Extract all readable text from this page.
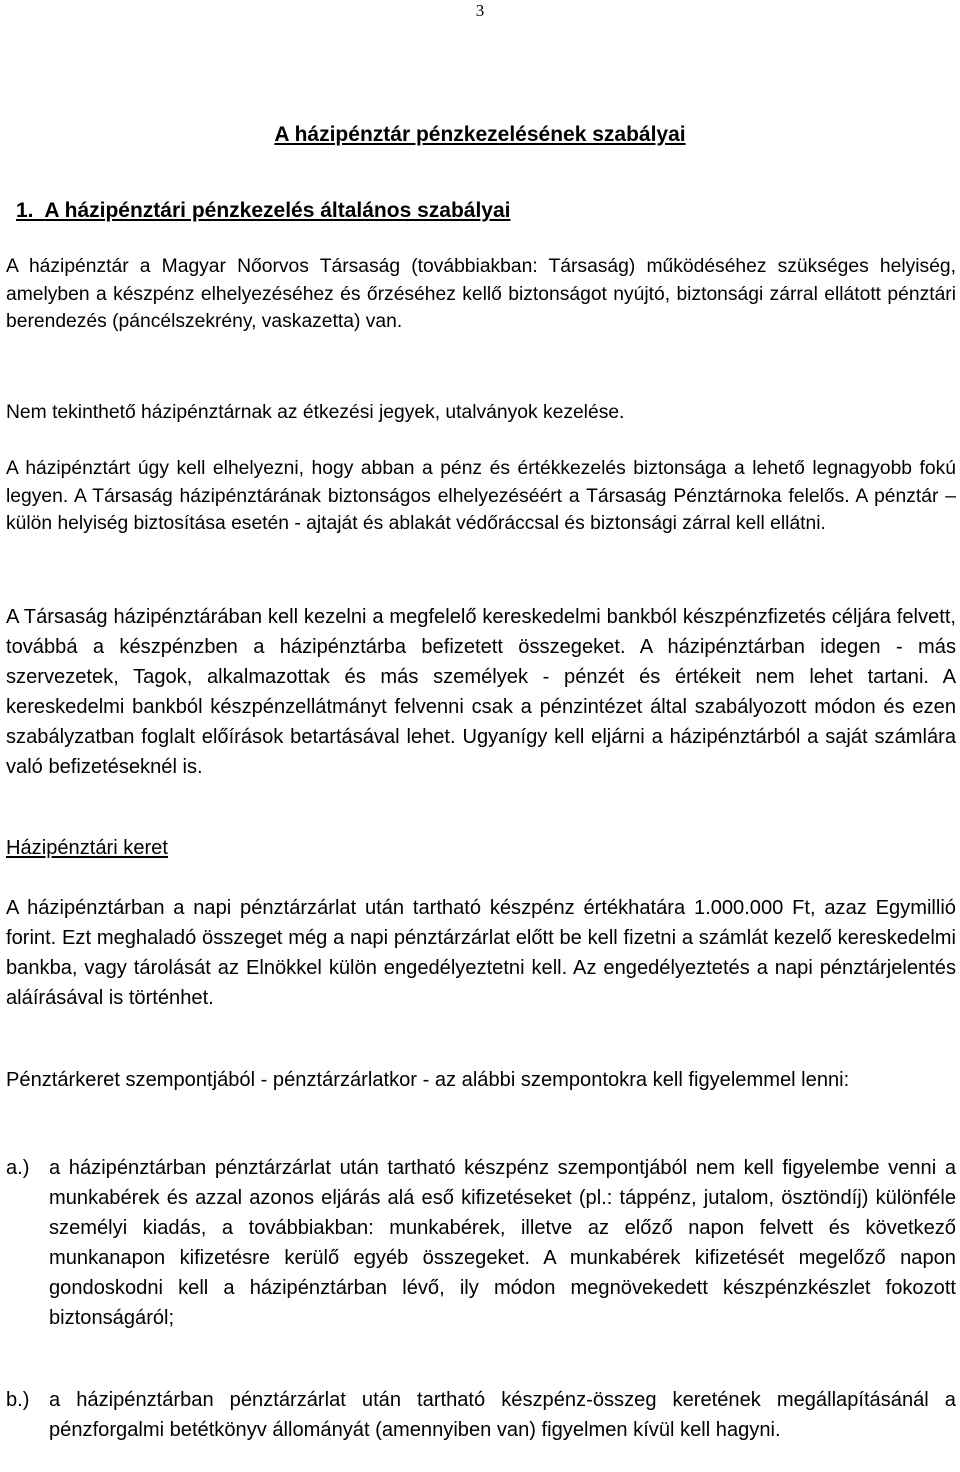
3
A házipénztár pénzkezelésének szabályai
1. A házipénztári pénzkezelés általános szabályai

A házipénztár a Magyar Nőorvos Társaság (továbbiakban: Társaság) működéséhez szükséges helyiség, amelyben a készpénz elhelyezéséhez és őrzéséhez kellő biztonságot nyújtó, biztonsági zárral ellátott pénztári berendezés (páncélszekrény, vaskazetta) van.

Nem tekinthető házipénztárnak az étkezési jegyek, utalványok kezelése.

A házipénztárt úgy kell elhelyezni, hogy abban a pénz és értékkezelés biztonsága a lehető legnagyobb fokú legyen. A Társaság házipénztárának biztonságos elhelyezéséért a Társaság Pénztárnoka felelős. A pénztár – külön helyiség biztosítása esetén - ajtaját és ablakát védőráccsal és biztonsági zárral kell ellátni.

A Társaság házipénztárában kell kezelni a megfelelő kereskedelmi bankból készpénzfizetés céljára felvett, továbbá a készpénzben a házipénztárba befizetett összegeket. A házipénztárban idegen - más szervezetek, Tagok, alkalmazottak és más személyek - pénzét és értékeit nem lehet tartani. A kereskedelmi bankból készpénzellátmányt felvenni csak a pénzintézet által szabályozott módon és ezen szabályzatban foglalt előírások betartásával lehet. Ugyanígy kell eljárni a házipénztárból a saját számlára való befizetéseknél is.

Házipénztári keret

A házipénztárban a napi pénztárzárlat után tartható készpénz értékhatára 1.000.000 Ft, azaz Egymillió forint. Ezt meghaladó összeget még a napi pénztárzárlat előtt be kell fizetni a számlát kezelő kereskedelmi bankba, vagy tárolását az Elnökkel külön engedélyeztetni kell. Az engedélyeztetés a napi pénztárjelentés aláírásával is történhet.

Pénztárkeret szempontjából - pénztárzárlatkor - az alábbi szempontokra kell figyelemmel lenni:

a.) a házipénztárban pénztárzárlat után tartható készpénz szempontjából nem kell figyelembe venni a munkabérek és azzal azonos eljárás alá eső kifizetéseket (pl.: táppénz, jutalom, ösztöndíj) különféle személyi kiadás, a továbbiakban: munkabérek, illetve az előző napon felvett és következő munkanapon kifizetésre kerülő egyéb összegeket. A munkabérek kifizetését megelőző napon gondoskodni kell a házipénztárban lévő, ily módon megnövekedett készpénzkészlet fokozott biztonságáról;
b.) a házipénztárban pénztárzárlat után tartható készpénz-összeg keretének megállapításánál a pénzforgalmi betétkönyv állományát (amennyiben van) figyelmen kívül kell hagyni.
